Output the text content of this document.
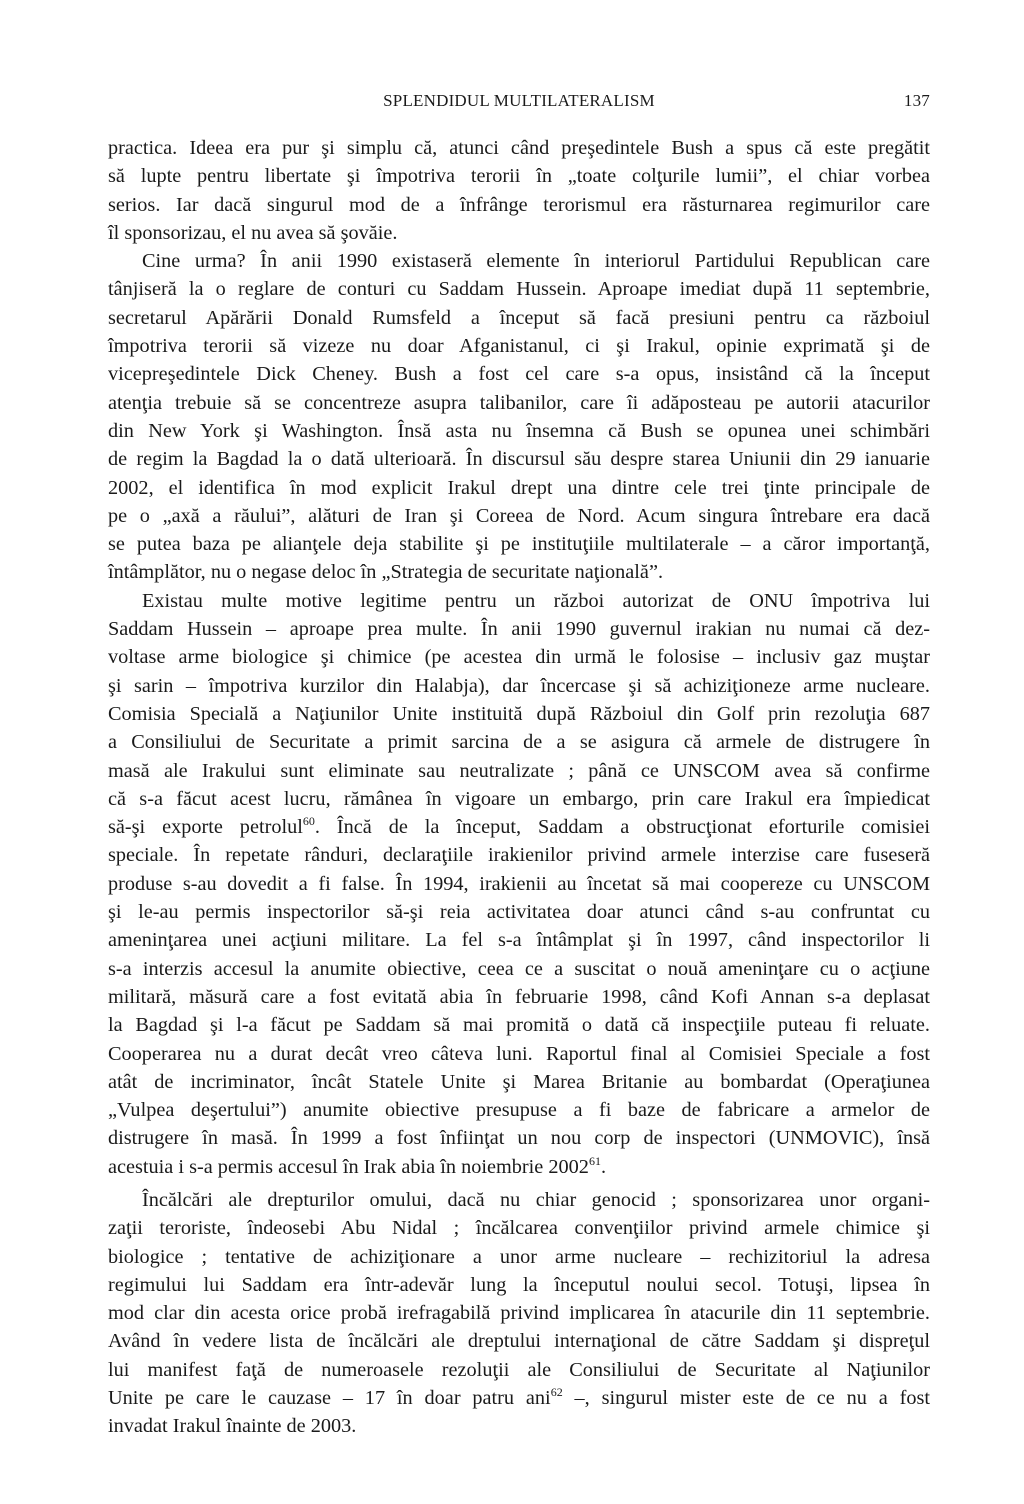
SPLENDIDUL MULTILATERALISM	137
practica. Ideea era pur şi simplu că, atunci când preşedintele Bush a spus că este pregătit
să lupte pentru libertate şi împotriva terorii în „toate colţurile lumii”, el chiar vorbea
serios. Iar dacă singurul mod de a înfrânge terorismul era răsturnarea regimurilor care
îl sponsorizau, el nu avea să şovăie.
Cine urma? În anii 1990 existaseră elemente în interiorul Partidului Republican care
tânjiseră la o reglare de conturi cu Saddam Hussein. Aproape imediat după 11 septembrie,
secretarul Apărării Donald Rumsfeld a început să facă presiuni pentru ca războiul
împotriva terorii să vizeze nu doar Afganistanul, ci şi Irakul, opinie exprimată şi de
vicepreşedintele Dick Cheney. Bush a fost cel care s-a opus, insistând că la început
atenţia trebuie să se concentreze asupra talibanilor, care îi adăposteau pe autorii atacurilor
din New York şi Washington. Însă asta nu însemna că Bush se opunea unei schimbări
de regim la Bagdad la o dată ulterioară. În discursul său despre starea Uniunii din 29 ianuarie
2002, el identifica în mod explicit Irakul drept una dintre cele trei ţinte principale de
pe o „axă a răului”, alături de Iran şi Coreea de Nord. Acum singura întrebare era dacă
se putea baza pe alianţele deja stabilite şi pe instituţiile multilaterale – a căror importanţă,
întâmplător, nu o negase deloc în „Strategia de securitate naţională”.
Existau multe motive legitime pentru un război autorizat de ONU împotriva lui
Saddam Hussein – aproape prea multe. În anii 1990 guvernul irakian nu numai că dez-
voltase arme biologice şi chimice (pe acestea din urmă le folosise – inclusiv gaz muştar
şi sarin – împotriva kurzilor din Halabja), dar încercase şi să achiziţioneze arme nucleare.
Comisia Specială a Naţiunilor Unite instituită după Războiul din Golf prin rezoluţia 687
a Consiliului de Securitate a primit sarcina de a se asigura că armele de distrugere în
masă ale Irakului sunt eliminate sau neutralizate ; până ce UNSCOM avea să confirme
că s-a făcut acest lucru, rămânea în vigoare un embargo, prin care Irakul era împiedicat
să-şi exporte petrolul$^{60}$. Încă de la început, Saddam a obstrucţionat eforturile comisiei
speciale. În repetate rânduri, declaraţiile irakienilor privind armele interzise care fuseseră
produse s-au dovedit a fi false. În 1994, irakienii au încetat să mai coopereze cu UNSCOM
şi le-au permis inspectorilor să-şi reia activitatea doar atunci când s-au confruntat cu
ameninţarea unei acţiuni militare. La fel s-a întâmplat şi în 1997, când inspectorilor li
s-a interzis accesul la anumite obiective, ceea ce a suscitat o nouă ameninţare cu o acţiune
militară, măsură care a fost evitată abia în februarie 1998, când Kofi Annan s-a deplasat
la Bagdad şi l-a făcut pe Saddam să mai promită o dată că inspecţiile puteau fi reluate.
Cooperarea nu a durat decât vreo câteva luni. Raportul final al Comisiei Speciale a fost
atât de incriminator, încât Statele Unite şi Marea Britanie au bombardat (Operaţiunea
„Vulpea deşertului”) anumite obiective presupuse a fi baze de fabricare a armelor de
distrugere în masă. În 1999 a fost înfiinţat un nou corp de inspectori (UNMOVIC), însă
acestuia i s-a permis accesul în Irak abia în noiembrie 2002$^{61}$.
Încălcări ale drepturilor omului, dacă nu chiar genocid ; sponsorizarea unor organi-
zaţii teroriste, îndeosebi Abu Nidal ; încălcarea convenţiilor privind armele chimice şi
biologice ; tentative de achiziţionare a unor arme nucleare – rechizitoriul la adresa
regimului lui Saddam era într-adevăr lung la începutul noului secol. Totuşi, lipsea în
mod clar din acesta orice probă irefragabilă privind implicarea în atacurile din 11 septembrie.
Având în vedere lista de încălcări ale dreptului internaţional de către Saddam şi dispreţul
lui manifest faţă de numeroasele rezoluţii ale Consiliului de Securitate al Naţiunilor
Unite pe care le cauzase – 17 în doar patru ani$^{62}$ –, singurul mister este de ce nu a fost
invadat Irakul înainte de 2003.
